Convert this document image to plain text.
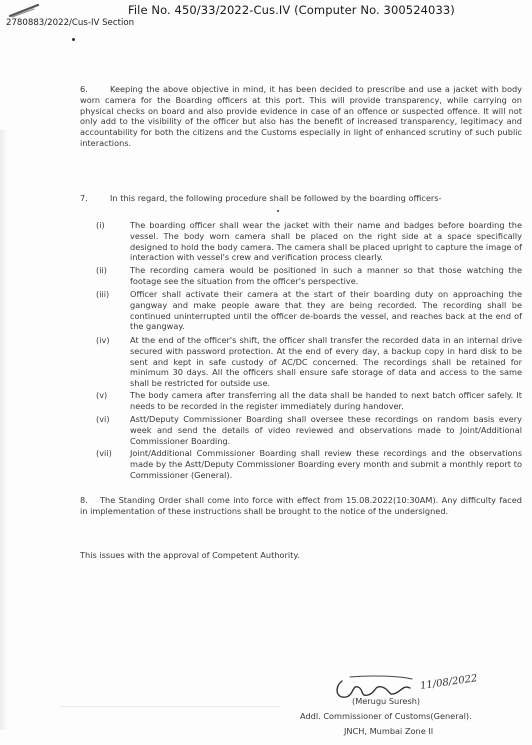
File No. 450/33/2022-Cus.IV (Computer No. 300524033)
2780883/2022/Cus-IV Section
6.	Keeping the above objective in mind, it has been decided to prescribe and use a jacket with body worn camera for the Boarding officers at this port. This will provide transparency, while carrying on physical checks on board and also provide evidence in case of an offence or suspected offence. It will not only add to the visibility of the officer but also has the benefit of increased transparency, legitimacy and accountability for both the citizens and the Customs especially in light of enhanced scrutiny of such public interactions.
7.	In this regard, the following procedure shall be followed by the boarding officers-
(i)	The boarding officer shall wear the jacket with their name and badges before boarding the vessel. The body worn camera shall be placed on the right side at a space specifically designed to hold the body camera. The camera shall be placed upright to capture the image of interaction with vessel's crew and verification process clearly.
(ii)	The recording camera would be positioned in such a manner so that those watching the footage see the situation from the officer's perspective.
(iii)	Officer shall activate their camera at the start of their boarding duty on approaching the gangway and make people aware that they are being recorded. The recording shall be continued uninterrupted until the officer de-boards the vessel, and reaches back at the end of the gangway.
(iv)	At the end of the officer's shift, the officer shall transfer the recorded data in an internal drive secured with password protection. At the end of every day, a backup copy in hard disk to be sent and kept in safe custody of AC/DC concerned. The recordings shall be retained for minimum 30 days. All the officers shall ensure safe storage of data and access to the same shall be restricted for outside use.
(v)	The body camera after transferring all the data shall be handed to next batch officer safely. It needs to be recorded in the register immediately during handover.
(vi)	Astt/Deputy Commissioner Boarding shall oversee these recordings on random basis every week and send the details of video reviewed and observations made to Joint/Additional Commissioner Boarding.
(vii)	Joint/Additional Commissioner Boarding shall review these recordings and the observations made by the Astt/Deputy Commissioner Boarding every month and submit a monthly report to Commissioner (General).
8. The Standing Order shall come into force with effect from 15.08.2022(10:30AM). Any difficulty faced in implementation of these instructions shall be brought to the notice of the undersigned.
This issues with the approval of Competent Authority.
11/08/2022
(Merugu Suresh)
Addl. Commissioner of Customs(General).
JNCH, Mumbai Zone II
